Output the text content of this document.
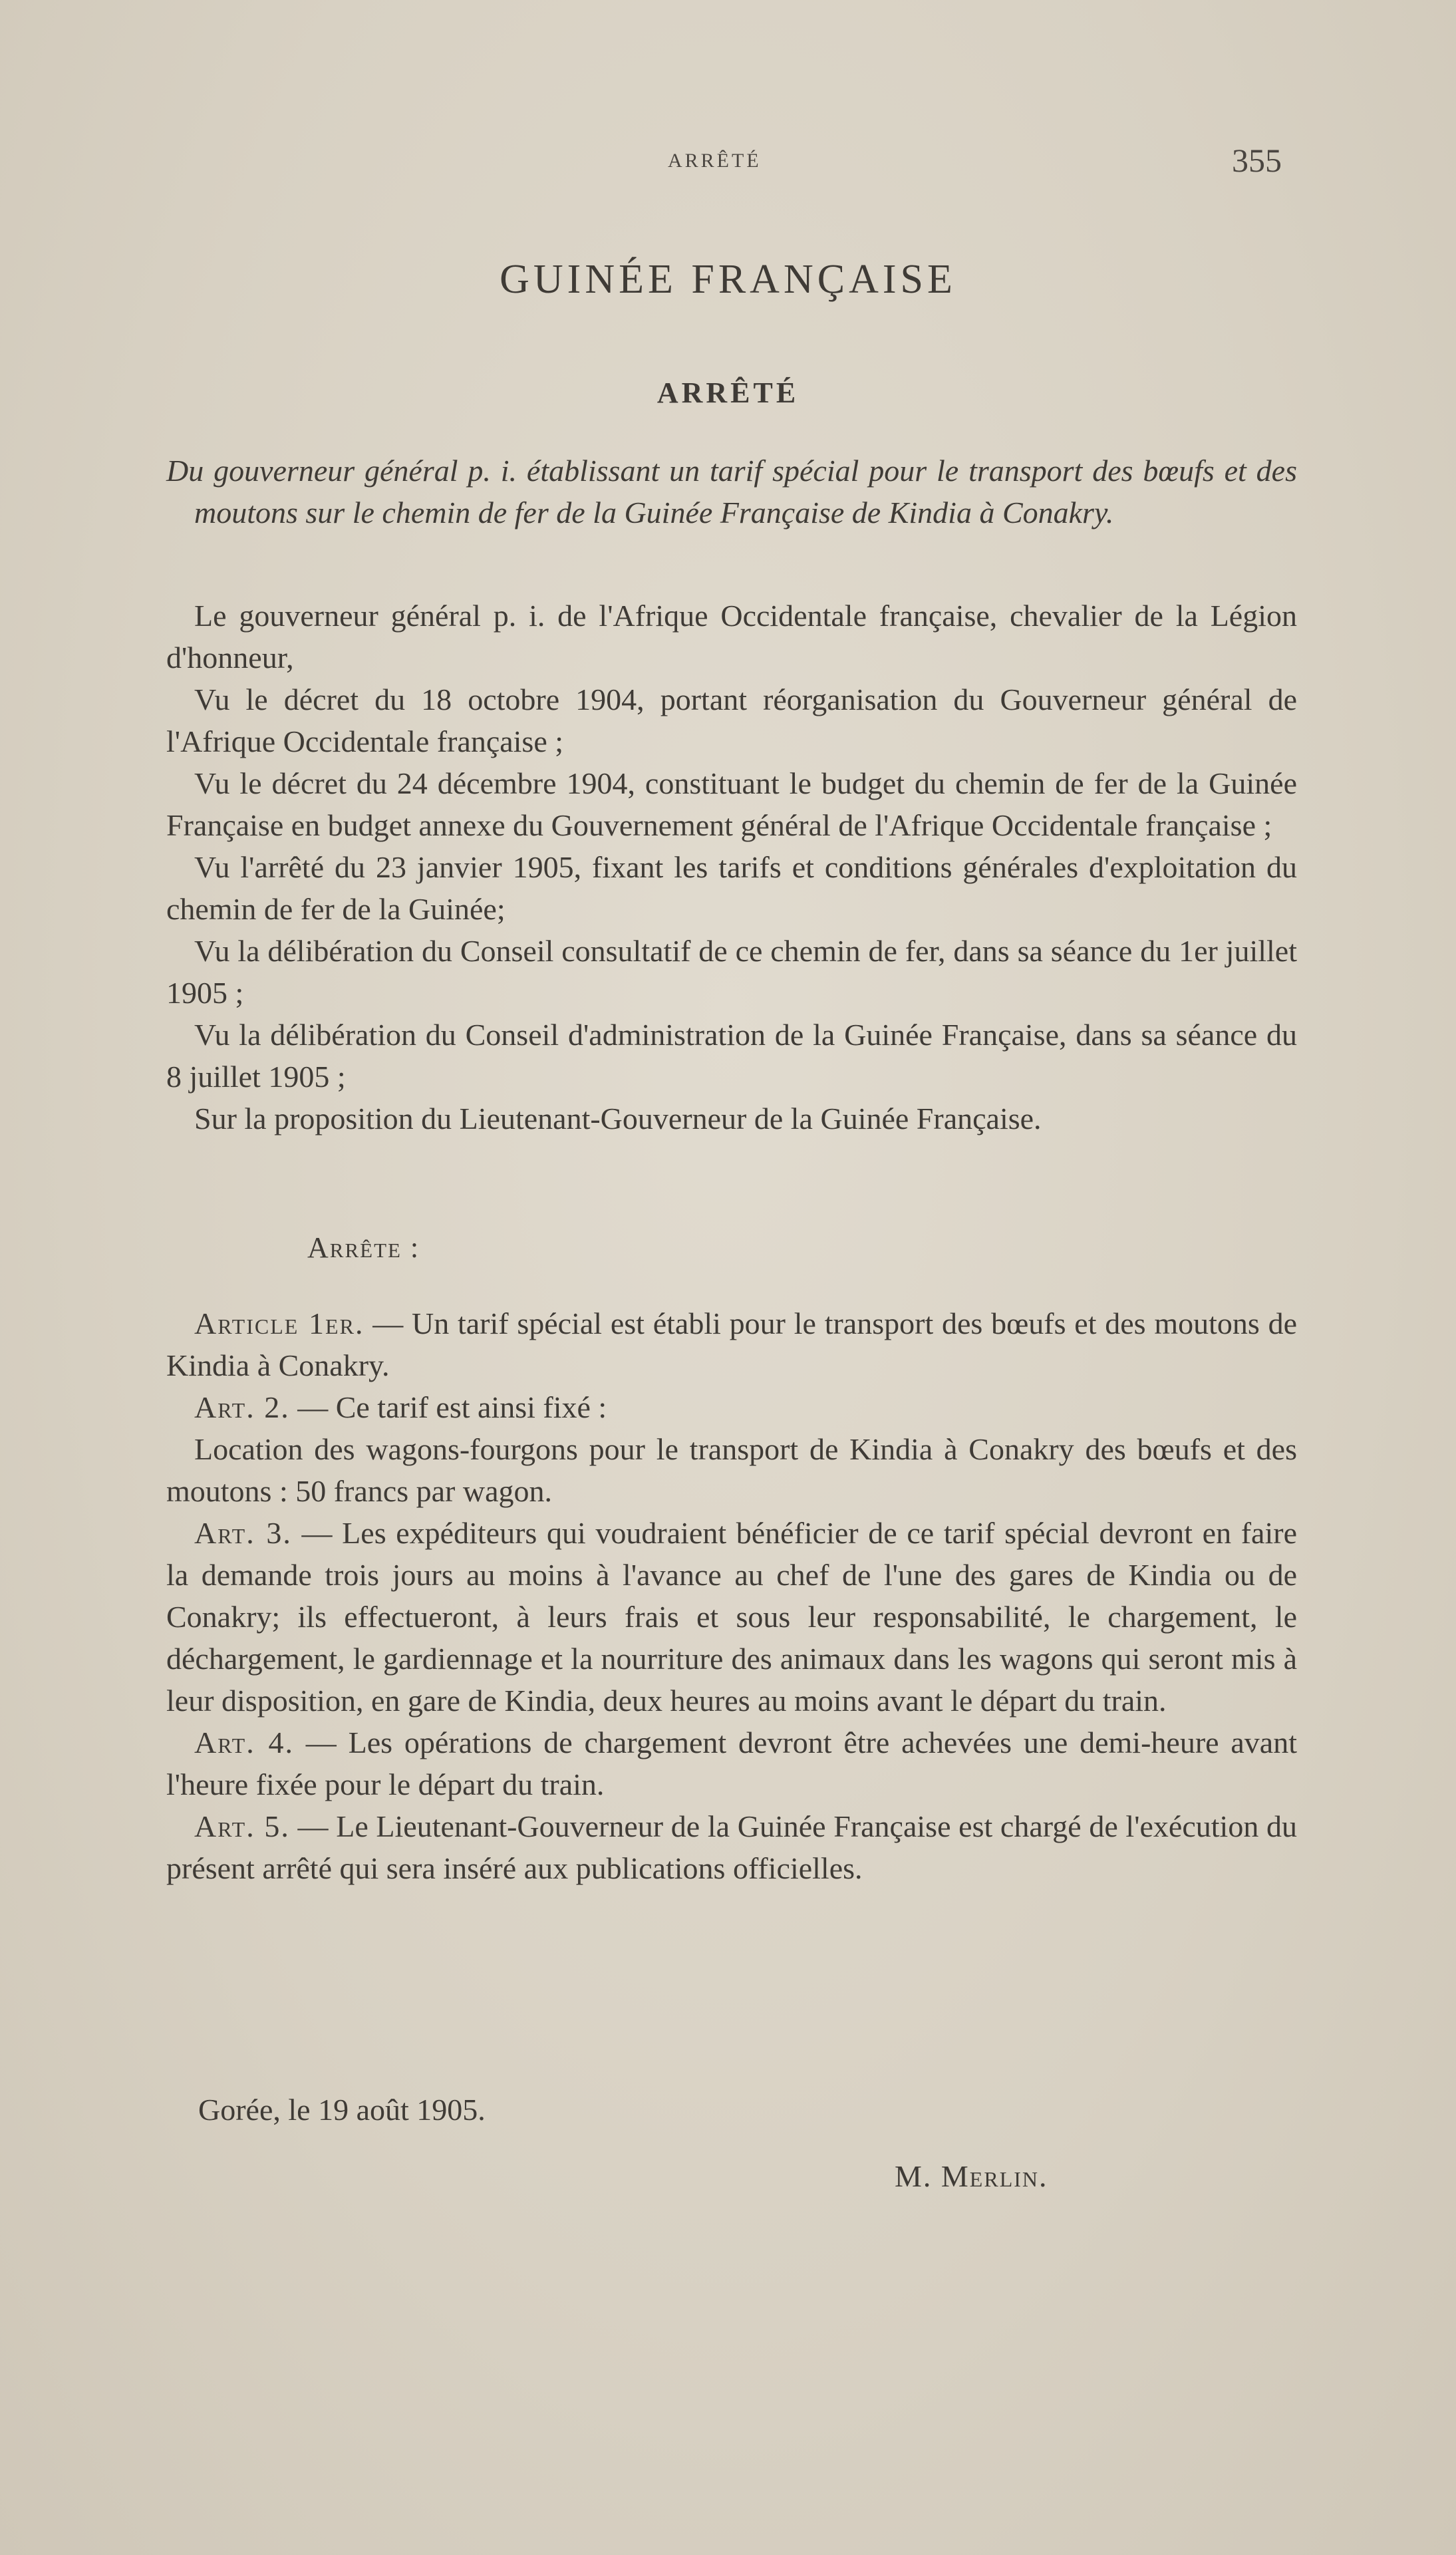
ARRÊTÉ	355
GUINÉE FRANÇAISE
ARRÊTÉ

Du gouverneur général p. i. établissant un tarif spécial pour le transport des bœufs et des moutons sur le chemin de fer de la Guinée Française de Kindia à Conakry.

Le gouverneur général p. i. de l'Afrique Occidentale française, chevalier de la Légion d'honneur,

Vu le décret du 18 octobre 1904, portant réorganisation du Gouverneur général de l'Afrique Occidentale française ;

Vu le décret du 24 décembre 1904, constituant le budget du chemin de fer de la Guinée Française en budget annexe du Gouvernement général de l'Afrique Occidentale française ;

Vu l'arrêté du 23 janvier 1905, fixant les tarifs et conditions générales d'exploitation du chemin de fer de la Guinée;

Vu la délibération du Conseil consultatif de ce chemin de fer, dans sa séance du 1er juillet 1905 ;

Vu la délibération du Conseil d'administration de la Guinée Française, dans sa séance du 8 juillet 1905 ;

Sur la proposition du Lieutenant-Gouverneur de la Guinée Française.

Arrête :

Article 1er. — Un tarif spécial est établi pour le transport des bœufs et des moutons de Kindia à Conakry.

Art. 2. — Ce tarif est ainsi fixé :

Location des wagons-fourgons pour le transport de Kindia à Conakry des bœufs et des moutons : 50 francs par wagon.

Art. 3. — Les expéditeurs qui voudraient bénéficier de ce tarif spécial devront en faire la demande trois jours au moins à l'avance au chef de l'une des gares de Kindia ou de Conakry; ils effectueront, à leurs frais et sous leur responsabilité, le chargement, le déchargement, le gardiennage et la nourriture des animaux dans les wagons qui seront mis à leur disposition, en gare de Kindia, deux heures au moins avant le départ du train.

Art. 4. — Les opérations de chargement devront être achevées une demi-heure avant l'heure fixée pour le départ du train.

Art. 5. — Le Lieutenant-Gouverneur de la Guinée Française est chargé de l'exécution du présent arrêté qui sera inséré aux publications officielles.

Gorée, le 19 août 1905.
M. Merlin.
